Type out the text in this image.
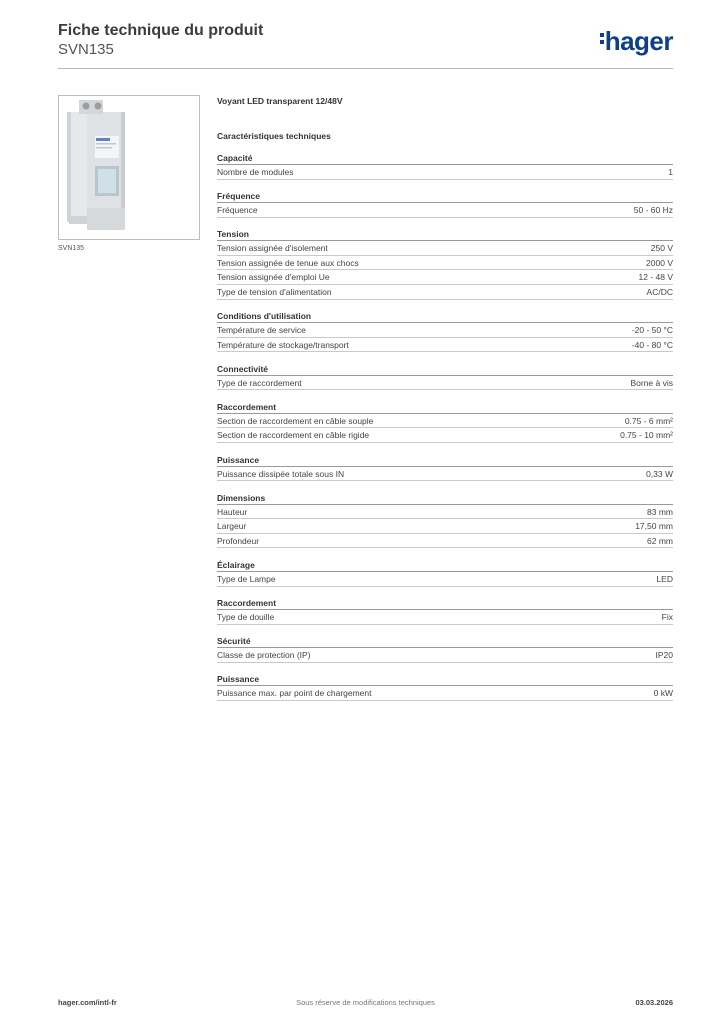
Fiche technique du produit
SVN135	hager
SVN135
Voyant LED transparent 12/48V
Caractéristiques techniques
Capacité
Nombre de modules	1
Fréquence
Fréquence	50 - 60 Hz
Tension
Tension assignée d'isolement	250 V
Tension assignée de tenue aux chocs	2000 V
Tension assignée d'emploi Ue	12 - 48 V
Type de tension d'alimentation	AC/DC
Conditions d'utilisation
Température de service	-20 - 50 °C
Température de stockage/transport	-40 - 80 °C
Connectivité
Type de raccordement	Borne à vis
Raccordement
Section de raccordement en câble souple	0.75 - 6 mm²
Section de raccordement en câble rigide	0.75 - 10 mm²
Puissance
Puissance dissipée totale sous IN	0,33 W
Dimensions
Hauteur	83 mm
Largeur	17,50 mm
Profondeur	62 mm
Éclairage
Type de Lampe	LED
Raccordement
Type de douille	Fix
Sécurité
Classe de protection (IP)	IP20
Puissance
Puissance max. par point de chargement	0 kW
hager.com/intl-fr	Sous réserve de modifications techniques	03.03.2026
